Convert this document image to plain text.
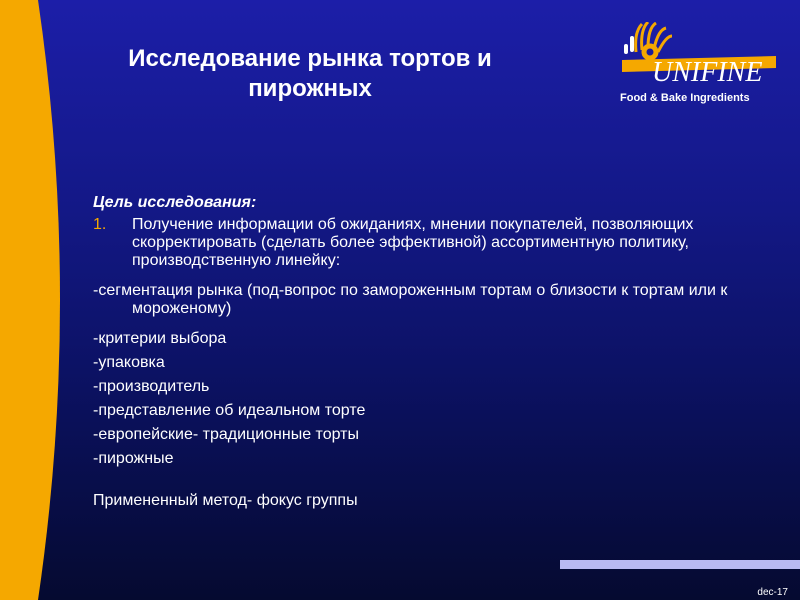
Исследование рынка тортов и пирожных
UNIFINE
Food & Bake Ingredients
Цель исследования:
1. Получение информации об ожиданиях, мнении покупателей, позволяющих скорректировать (сделать более эффективной) ассортиментную политику, производственную линейку:
-сегментация рынка (под-вопрос по замороженным тортам о близости к тортам или к мороженому)
-критерии выбора
-упаковка
-производитель
-представление об идеальном торте
-европейские- традиционные торты
-пирожные
Примененный метод- фокус группы
dec-17
